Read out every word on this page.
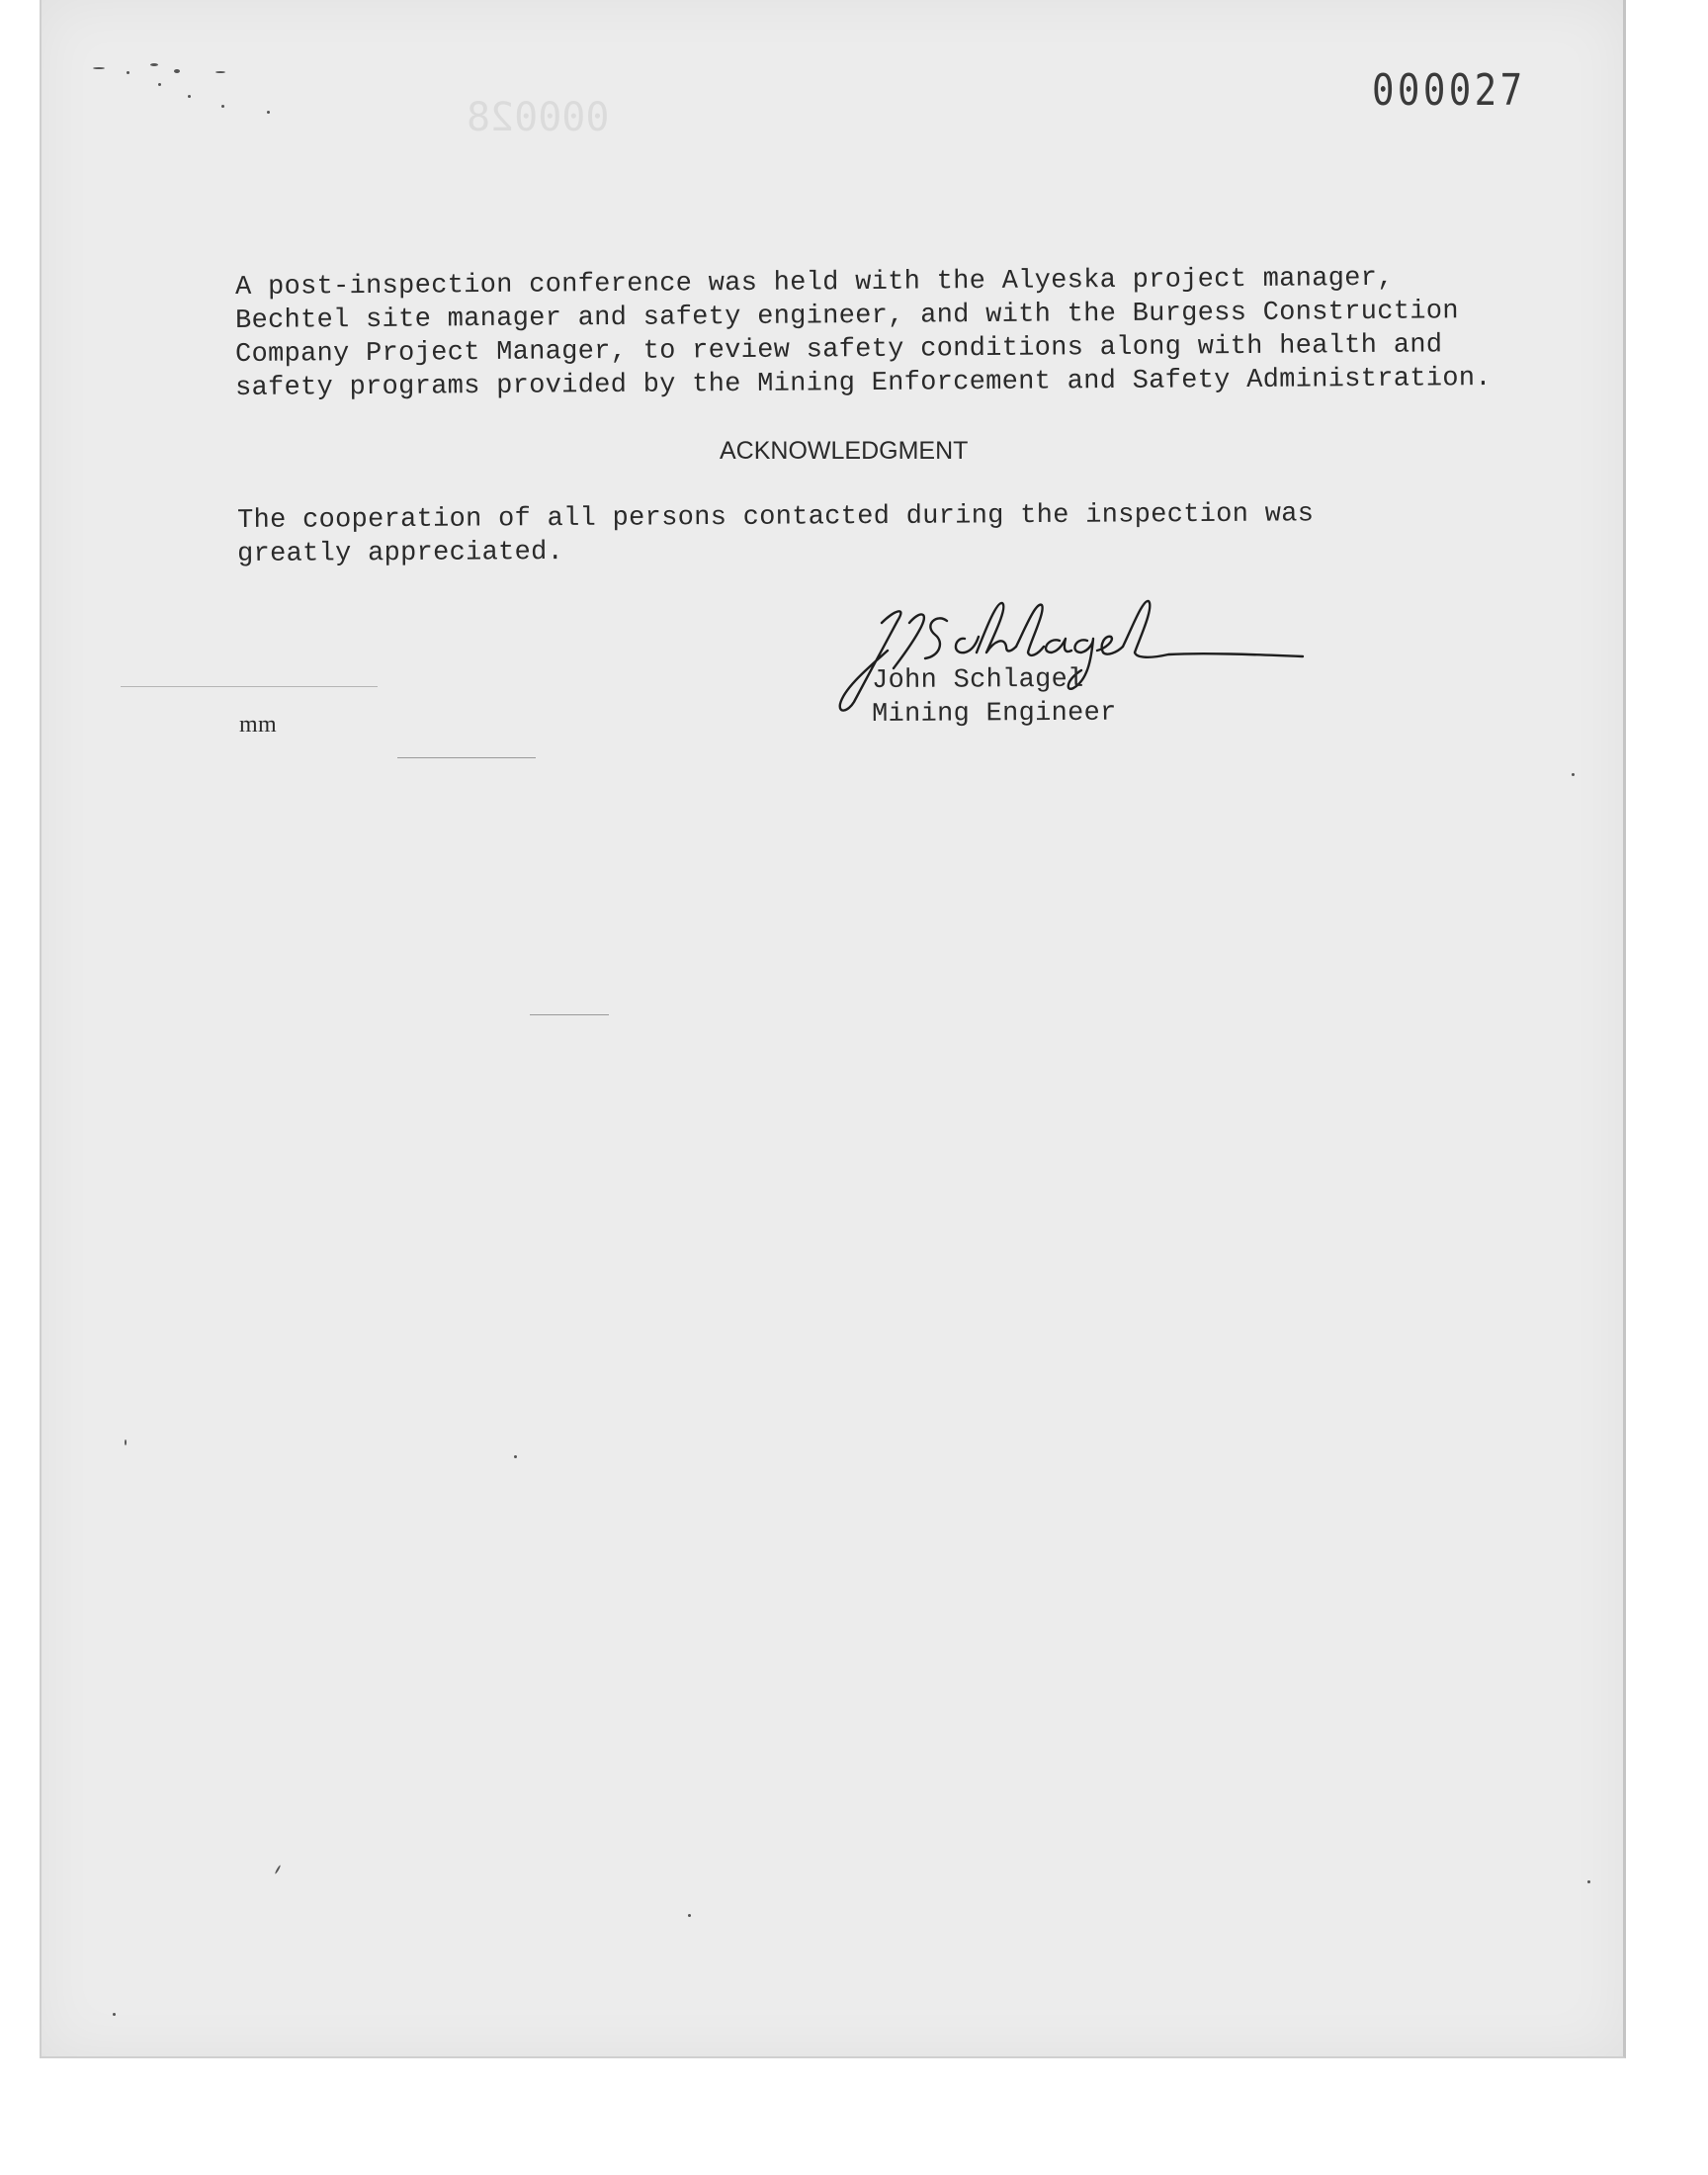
000028
000027
A post-inspection conference was held with the Alyeska project manager,
Bechtel site manager and safety engineer, and with the Burgess Construction
Company Project Manager, to review safety conditions along with health and
safety programs provided by the Mining Enforcement and Safety Administration.
ACKNOWLEDGMENT
The cooperation of all persons contacted during the inspection was
greatly appreciated.
John Schlagel
Mining Engineer
mm
